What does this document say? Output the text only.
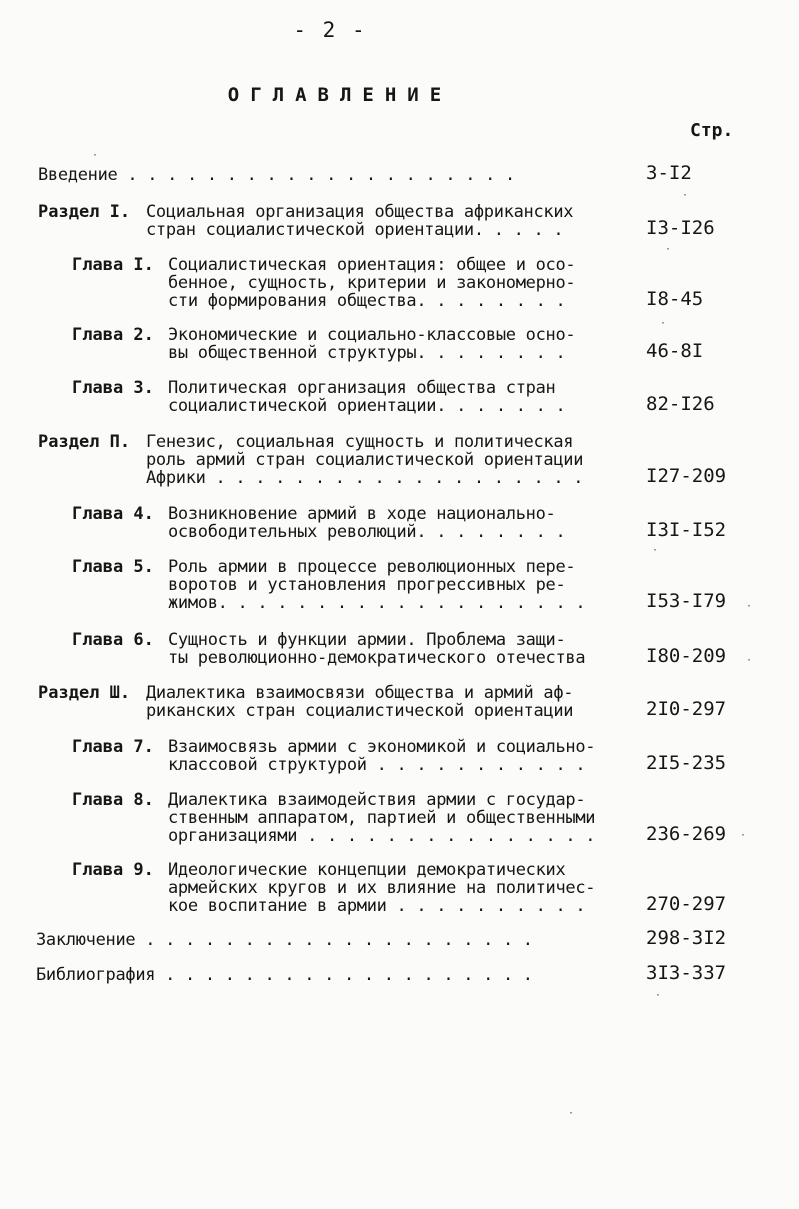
- 2 -
ОГЛАВЛЕНИЕ
Стр.
Введение . . . . . . . . . . . . . . . . . . . .	3-I2
Раздел I. Социальная организация общества африканских
стран социалистической ориентации. . . . .	I3-I26
Глава I. Социалистическая ориентация: общее и осо-
бенное, сущность, критерии и закономерно-
сти формирования общества. . . . . . . .	I8-45
Глава 2. Экономические и социально-классовые осно-
вы общественной структуры. . . . . . . .	46-8I
Глава 3. Политическая организация общества стран
социалистической ориентации. . . . . . .	82-I26
Раздел П. Генезис, социальная сущность и политическая
роль армий стран социалистической ориентации
Африки . . . . . . . . . . . . . . . . . . .	I27-209
Глава 4. Возникновение армий в ходе национально-
освободительных революций. . . . . . . .	I3I-I52
Глава 5. Роль армии в процессе революционных пере-
воротов и установления прогрессивных ре-
жимов. . . . . . . . . . . . . . . . . . .	I53-I79
Глава 6. Сущность и функции армии. Проблема защи-
ты революционно-демократического отечества	I80-209
Раздел Ш. Диалектика взаимосвязи общества и армий аф-
риканских стран социалистической ориентации	2I0-297
Глава 7. Взаимосвязь армии с экономикой и социально-
классовой структурой . . . . . . . . . . .	2I5-235
Глава 8. Диалектика взаимодействия армии с государ-
ственным аппаратом, партией и общественными
организациями . . . . . . . . . . . . . . .	236-269
Глава 9. Идеологические концепции демократических
армейских кругов и их влияние на политичес-
кое воспитание в армии . . . . . . . . . .	270-297
Заключение . . . . . . . . . . . . . . . . . . . .	298-3I2
Библиография . . . . . . . . . . . . . . . . . . .	3I3-337
·
·
·
·
·
·
·
·
·
·
